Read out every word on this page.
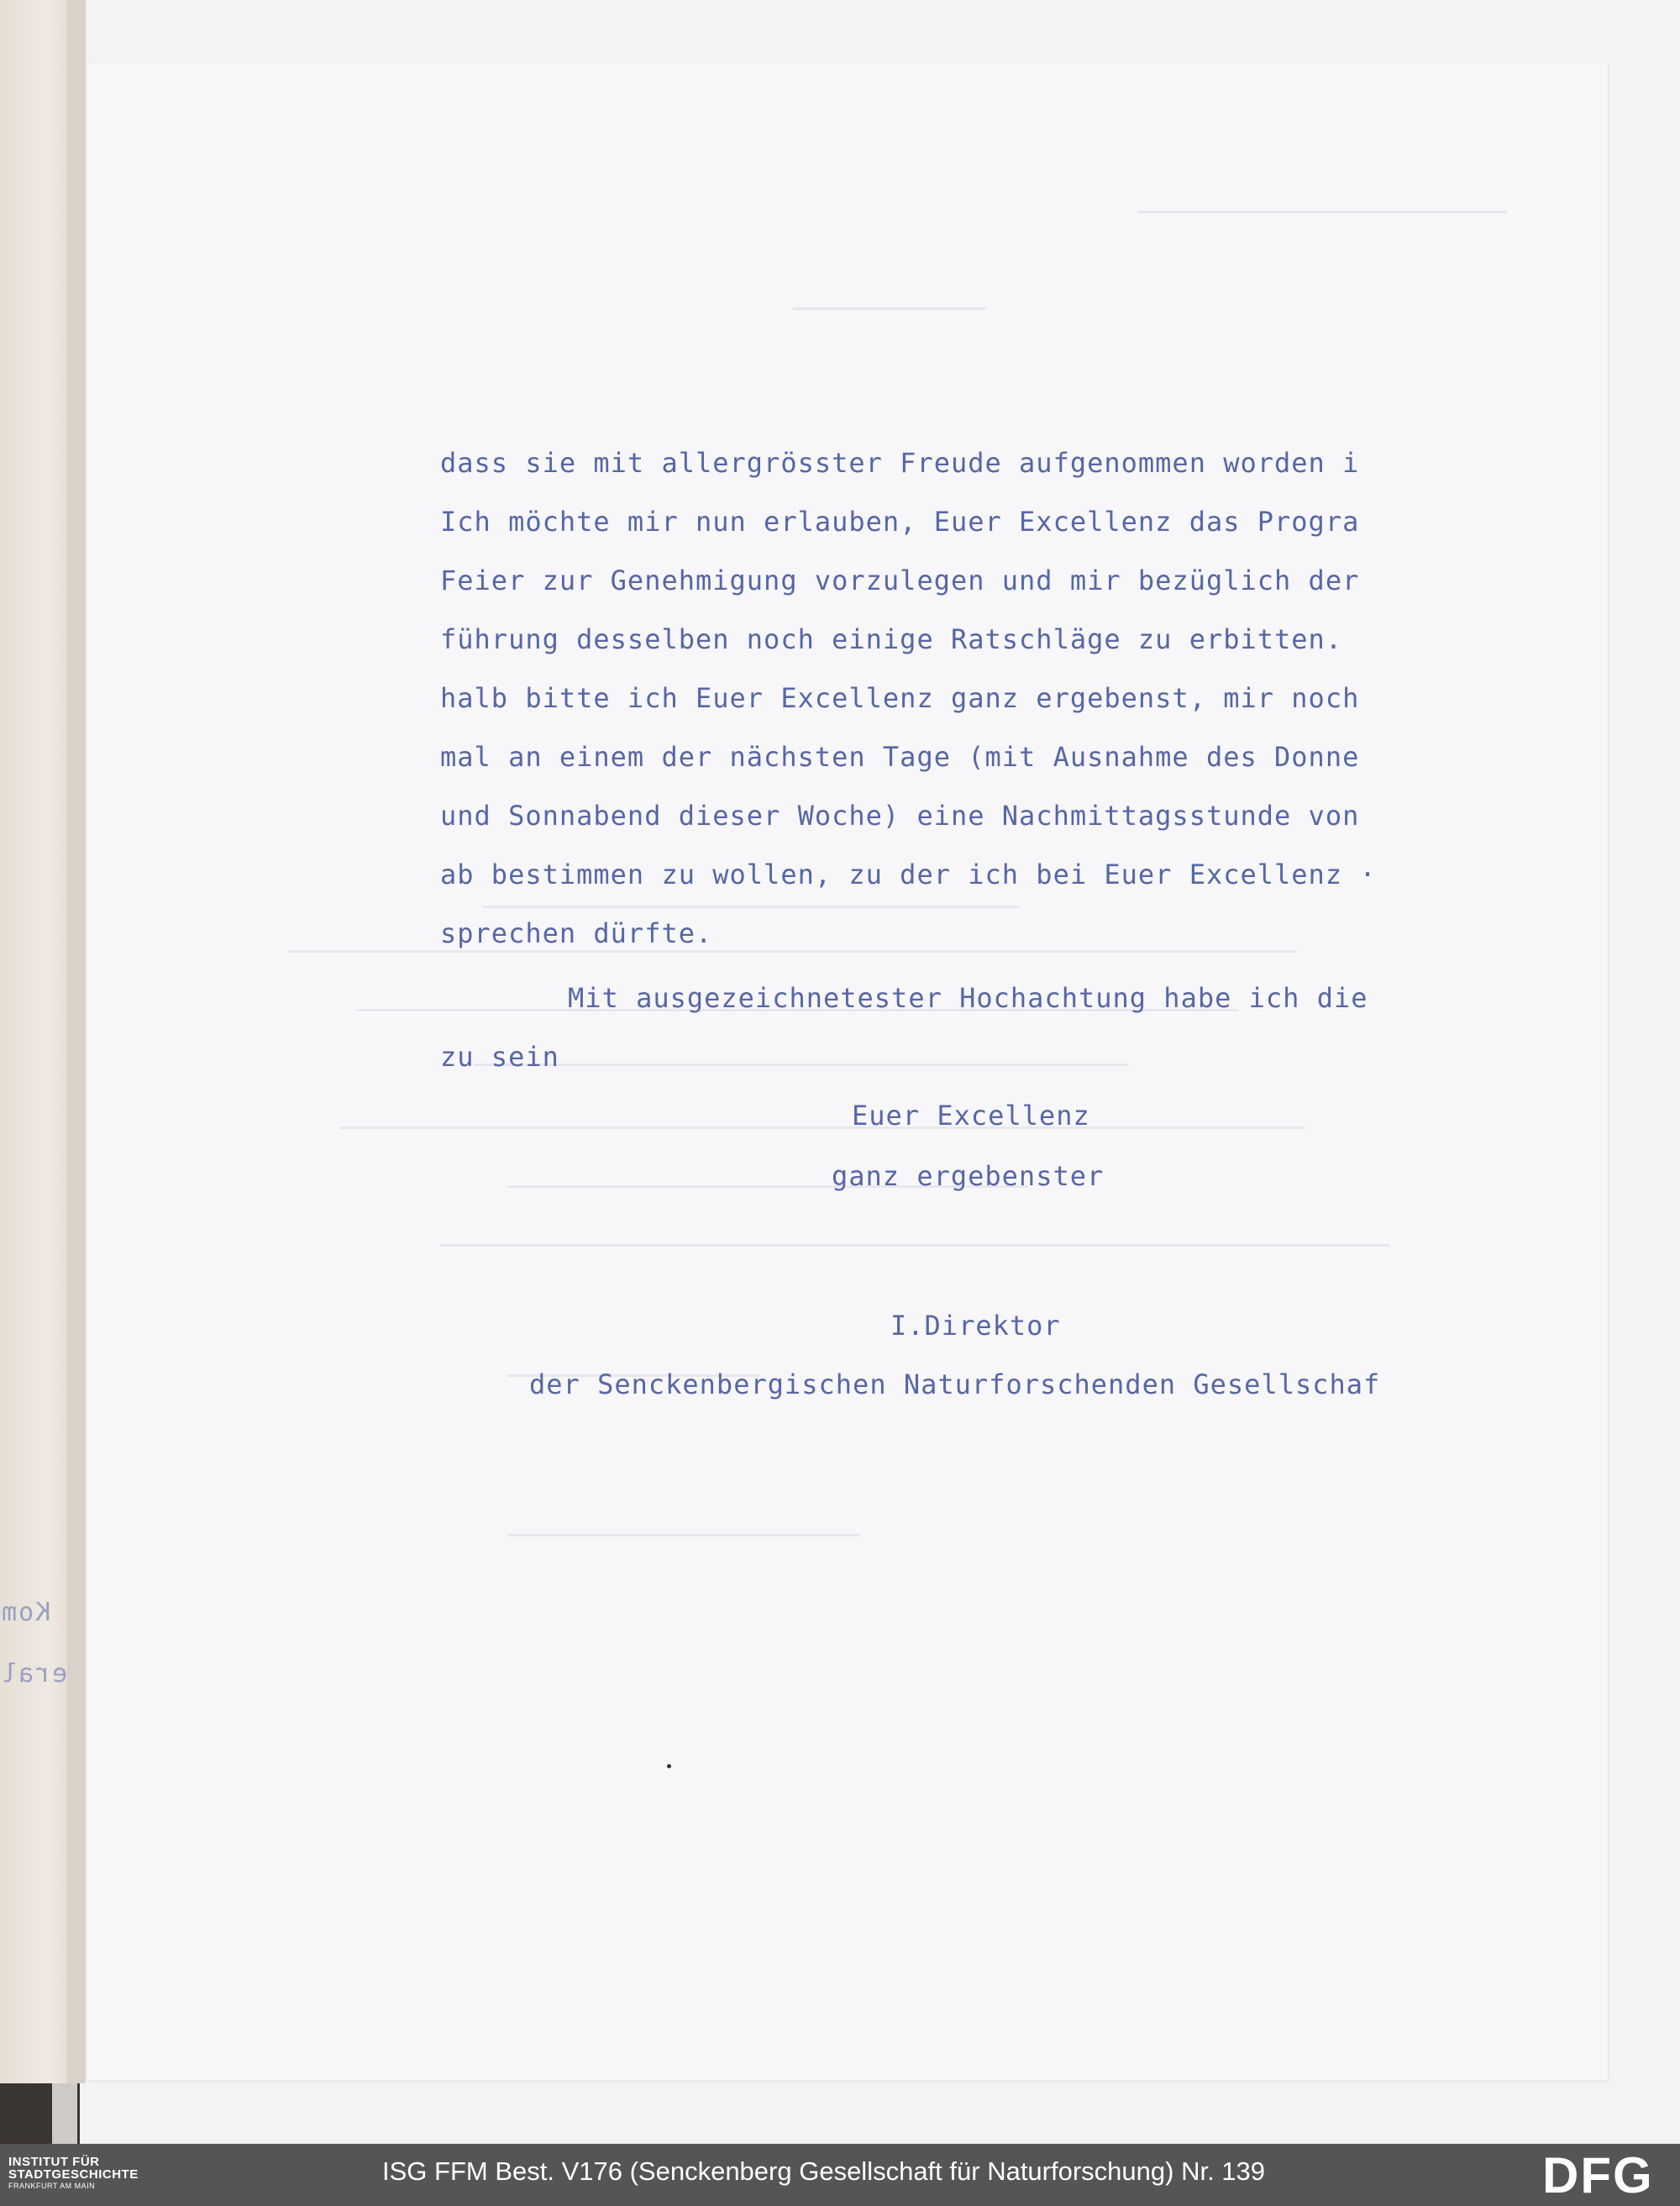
Kom
eral
dass sie mit allergrösster Freude aufgenommen worden i
Ich möchte mir nun erlauben, Euer Excellenz das Progra
Feier zur Genehmigung vorzulegen und mir bezüglich der
führung desselben noch einige Ratschläge zu erbitten.
halb bitte ich Euer Excellenz ganz ergebenst, mir noch
mal an einem der nächsten Tage (mit Ausnahme des Donne
und Sonnabend dieser Woche) eine Nachmittagsstunde von
ab bestimmen zu wollen, zu der ich bei Euer Excellenz ·
sprechen dürfte.
Mit ausgezeichnetester Hochachtung habe ich die
zu sein
Euer Excellenz
ganz ergebenster
I.Direktor
der Senckenbergischen Naturforschenden Gesellschaf
INSTITUT FÜR
STADTGESCHICHTE
FRANKFURT AM MAIN	ISG FFM Best. V176 (Senckenberg Gesellschaft für Naturforschung) Nr. 139	DFG
